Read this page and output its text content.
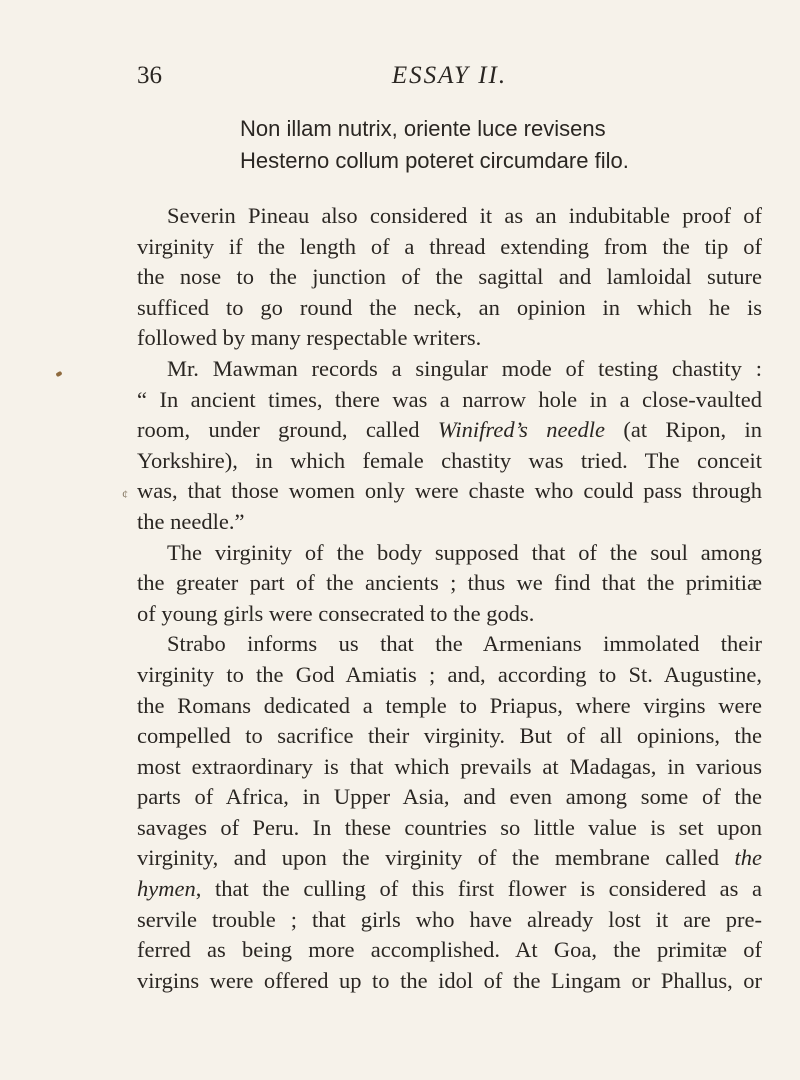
36	ESSAY II.
Non illam nutrix, oriente luce revisens
Hesterno collum poteret circumdare filo.
¢
Severin Pineau also considered it as an indubitable proof of
virginity if the length of a thread extending from the tip of
the nose to the junction of the sagittal and lamloidal suture
sufficed to go round the neck, an opinion in which he is
followed by many respectable writers.
Mr. Mawman records a singular mode of testing chastity :
“ In ancient times, there was a narrow hole in a close-vaulted
room, under ground, called Winifred’s needle (at Ripon, in
Yorkshire), in which female chastity was tried. The conceit
was, that those women only were chaste who could pass through
the needle.”
The virginity of the body supposed that of the soul among
the greater part of the ancients ; thus we find that the primitiæ
of young girls were consecrated to the gods.
Strabo informs us that the Armenians immolated their
virginity to the God Amiatis ; and, according to St. Augustine,
the Romans dedicated a temple to Priapus, where virgins were
compelled to sacrifice their virginity. But of all opinions, the
most extraordinary is that which prevails at Madagas, in various
parts of Africa, in Upper Asia, and even among some of the
savages of Peru. In these countries so little value is set upon
virginity, and upon the virginity of the membrane called the
hymen, that the culling of this first flower is considered as a
servile trouble ; that girls who have already lost it are pre-
ferred as being more accomplished. At Goa, the primitæ of
virgins were offered up to the idol of the Lingam or Phallus, or
